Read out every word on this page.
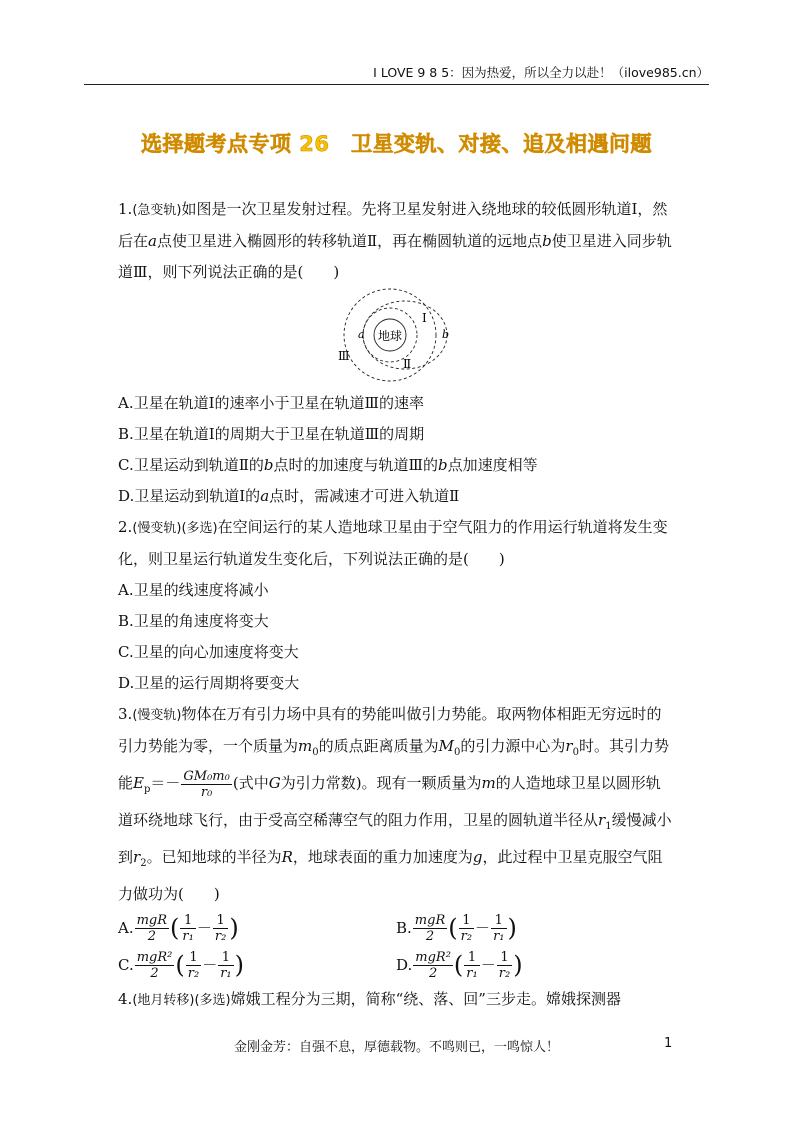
I LOVE 9 8 5：因为热爱，所以全力以赴！（ilove985.cn）
选择题考点专项 26　卫星变轨、对接、追及相遇问题

1.(急变轨)如图是一次卫星发射过程。先将卫星发射进入绕地球的较低圆形轨道Ⅰ，然后在a点使卫星进入椭圆形的转移轨道Ⅱ，再在椭圆轨道的远地点b使卫星进入同步轨道Ⅲ，则下列说法正确的是(　　)

地球
Ⅰ
Ⅱ
Ⅲ
a	b

A.卫星在轨道Ⅰ的速率小于卫星在轨道Ⅲ的速率

B.卫星在轨道Ⅰ的周期大于卫星在轨道Ⅲ的周期

C.卫星运动到轨道Ⅱ的b点时的加速度与轨道Ⅲ的b点加速度相等

D.卫星运动到轨道Ⅰ的a点时，需减速才可进入轨道Ⅱ

2.(慢变轨)(多选)在空间运行的某人造地球卫星由于空气阻力的作用运行轨道将发生变化，则卫星运行轨道发生变化后，下列说法正确的是(　　)

A.卫星的线速度将减小

B.卫星的角速度将变大

C.卫星的向心加速度将变大

D.卫星的运行周期将要变大

3.(慢变轨)物体在万有引力场中具有的势能叫做引力势能。取两物体相距无穷远时的引力势能为零，一个质量为$m_0$的质点距离质量为$M_0$的引力源中心为$r_0$时。其引力势能$E_p=- \frac{\text{GM₀m₀}}{\text{r₀}}$ (式中G为引力常数)。现有一颗质量为m的人造地球卫星以圆形轨道环绕地球飞行，由于受高空稀薄空气的阻力作用，卫星的圆轨道半径从$r_1$缓慢减小到$r_2$。已知地球的半径为R，地球表面的重力加速度为g，此过程中卫星克服空气阻力做功为(　　)

A. $\frac{\text{mgR}}{2}$ ( $\frac{1}{\text{r₁}} - \frac{1}{\text{r₂}}$ )	B. $\frac{\text{mgR}}{2}$ ( $\frac{1}{\text{r₂}} - \frac{1}{\text{r₁}}$ )
C. $\frac{\text{mgR²}}{2}$ ( $\frac{1}{\text{r₂}} - \frac{1}{\text{r₁}}$ )	D. $\frac{\text{mgR²}}{2}$ ( $\frac{1}{\text{r₁}} - \frac{1}{\text{r₂}}$ )

4.(地月转移)(多选)嫦娥工程分为三期，简称“绕、落、回”三步走。嫦娥探测器

金刚金芳：自强不息，厚德载物。不鸣则已，一鸣惊人！	1
